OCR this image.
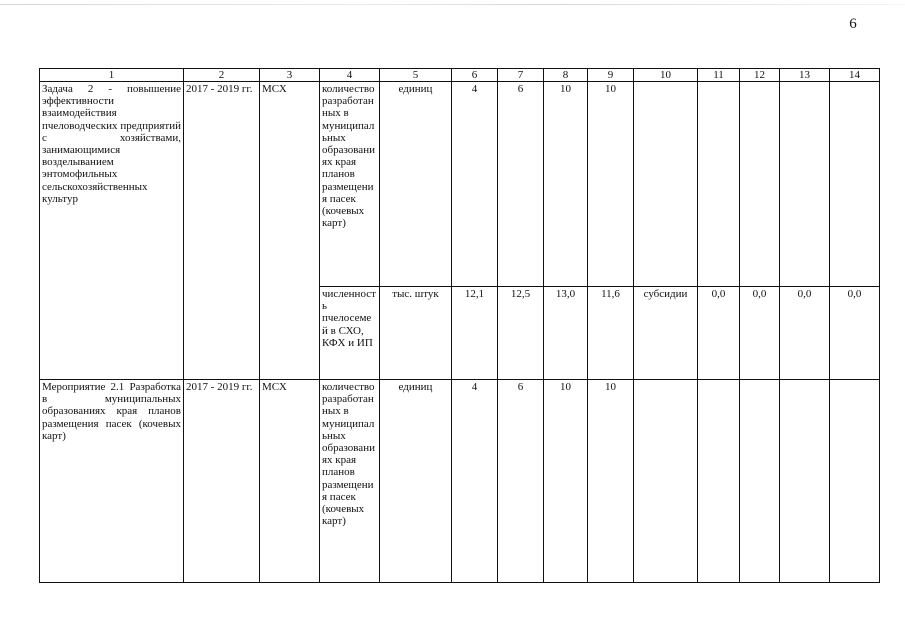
6
1	2	3	4	5	6	7	8	9	10	11	12	13	14
Задача 2 - повышение эффективности взаимодействия пчеловодческих предприятий с хозяйствами, занимающимися возделыванием энтомофильных сельскохозяйственных культур	2017 - 2019 гг.	МСХ	количество разработанных в муниципальных образованиях края планов размещения пасек (кочевых карт)	единиц	4	6	10	10					
			численность пчелосемей в СХО, КФХ и ИП	тыс. штук	12,1	12,5	13,0	11,6	субсидии	0,0	0,0	0,0	0,0
Мероприятие 2.1 Разработка в муниципальных образованиях края планов размещения пасек (кочевых карт)	2017 - 2019 гг.	МСХ	количество разработанных в муниципальных образованиях края планов размещения пасек (кочевых карт)	единиц	4	6	10	10					
